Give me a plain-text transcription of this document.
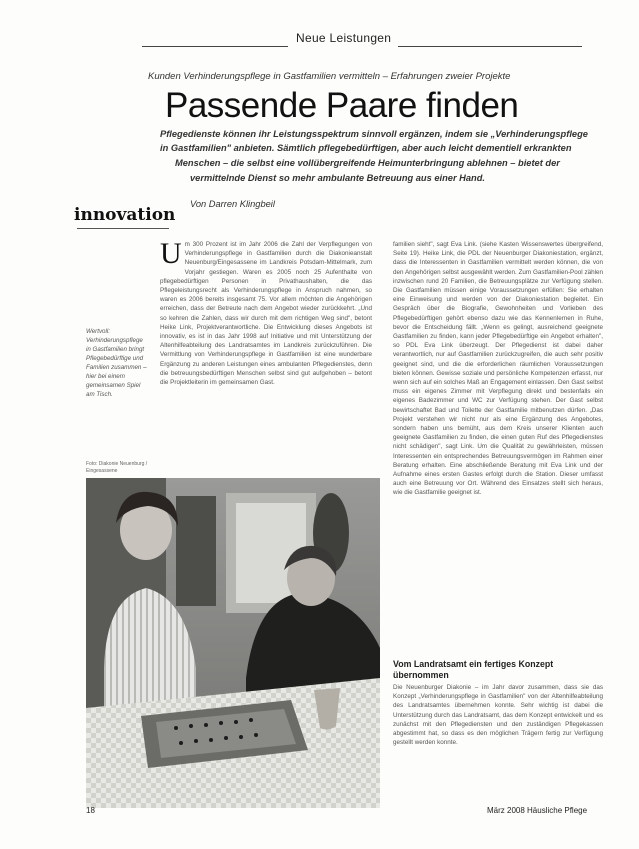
Neue Leistungen
Kunden Verhinderungspflege in Gastfamilien vermitteln – Erfahrungen zweier Projekte
Passende Paare finden
Pflegedienste können ihr Leistungsspektrum sinnvoll ergänzen, indem sie „Verhinderungspflege
in Gastfamilien" anbieten. Sämtlich pflegebedürftigen, aber auch leicht dementiell erkrankten
Menschen – die selbst eine vollübergreifende Heimunterbringung ablehnen – bietet der
vermittelnde Dienst so mehr ambulante Betreuung aus einer Hand.
Von Darren Klingbeil
innovation
U m 300 Prozent ist im Jahr 2006 die Zahl der Verpflegungen von Verhinderungspflege in Gastfamilien durch die Diakonieanstalt Neuenburg/Eingesassene im Landkreis Potsdam-Mittelmark, zum Vorjahr gestiegen. Waren es 2005 noch 25 Aufenthalte von pflegebedürftigen Personen in Privathaushalten, die das Pflegeleistungsrecht als Verhinderungspflege in Anspruch nahmen, so waren es 2006 bereits insgesamt 75. Vor allem möchten die Angehörigen erreichen, dass der Betreute nach dem Angebot wieder zurückkehrt. „Und so kehren die Zahlen, dass wir durch mit dem richtigen Weg sind", betont Heike Link, Projektverantwortliche. Die Entwicklung dieses Angebots ist innovativ, es ist in das Jahr 1998 auf Initiative und mit Unterstützung der Altenhilfeabteilung des Landratsamtes im Landkreis zurückzuführen. Die Vermittlung von Verhinderungspflege in Gastfamilien ist eine wunderbare Ergänzung zu anderen Leistungen eines ambulanten Pflegedienstes, denn die betreuungsbedürftigen Menschen selbst sind gut aufgehoben – betont die Projektleiterin im gemeinsamen Gast.
familien sieht", sagt Eva Link. (siehe Kasten Wissenswertes übergreifend, Seite 19). Heike Link, die PDL der Neuenburger Diakoniestation, ergänzt, dass die Interessenten in Gastfamilien vermittelt werden können, die von den Angehörigen selbst ausgewählt werden. Zum Gastfamilien-Pool zählen inzwischen rund 20 Familien, die Betreuungsplätze zur Verfügung stellen. Die Gastfamilien müssen einige Voraussetzungen erfüllen: Sie erhalten eine Einweisung und werden von der Diakoniestation begleitet. Ein Gespräch über die Biografie, Gewohnheiten und Vorlieben des Pflegebedürftigen gehört ebenso dazu wie das Kennenlernen in Ruhe, bevor die Entscheidung fällt. „Wenn es gelingt, ausreichend geeignete Gastfamilien zu finden, kann jeder Pflegebedürftige ein Angebot erhalten", so PDL Eva Link überzeugt. Der Pflegedienst ist dabei daher verantwortlich, nur auf Gastfamilien zurückzugreifen, die auch sehr positiv geeignet sind, und die die erforderlichen räumlichen Voraussetzungen bieten können. Gewisse soziale und persönliche Kompetenzen erfasst, nur wenn sich auf ein solches Maß an Engagement einlassen. Den Gast selbst muss ein eigenes Zimmer mit Verpflegung direkt und bestenfalls ein eigenes Badezimmer und WC zur Verfügung stehen. Der Gast selbst bewirtschaftet Bad und Toilette der Gastfamilie mitbenutzen dürfen. „Das Projekt verstehen wir nicht nur als eine Ergänzung des Angebotes, sondern haben uns bemüht, aus dem Kreis unserer Klienten auch geeignete Gastfamilien zu finden, die einen guten Ruf des Pflegedienstes nicht schädigen", sagt Link. Um die Qualität zu gewährleisten, müssen Interessenten ein entsprechendes Betreuungsvermögen im Rahmen einer Beratung erhalten. Eine abschließende Beratung mit Eva Link und der Aufnahme eines ersten Gastes erfolgt durch die Station. Dieser umfasst auch eine Betreuung vor Ort. Während des Einsatzes stellt sich heraus, wie die Gastfamilie geeignet ist.
Vom Landratsamt ein fertiges Konzept übernommen
Die Neuenburger Diakonie – im Jahr davor zusammen, dass sie das Konzept „Verhinderungspflege in Gastfamilien" von der Altenhilfeabteilung des Landratsamtes übernehmen konnte. Sehr wichtig ist dabei die Unterstützung durch das Landratsamt, das dem Konzept entwickelt und es zunächst mit den Pflegediensten und den zuständigen Pflegekassen abgestimmt hat, so dass es den möglichen Trägern fertig zur Verfügung gestellt werden konnte.
Wertvoll: Verhinderungspflege in Gastfamilien bringt Pflegebedürftige und Familien zusammen – hier bei einem gemeinsamen Spiel am Tisch.
Foto: Diakonie Neuenburg / Eingesassene
18	März 2008 Häusliche Pflege
